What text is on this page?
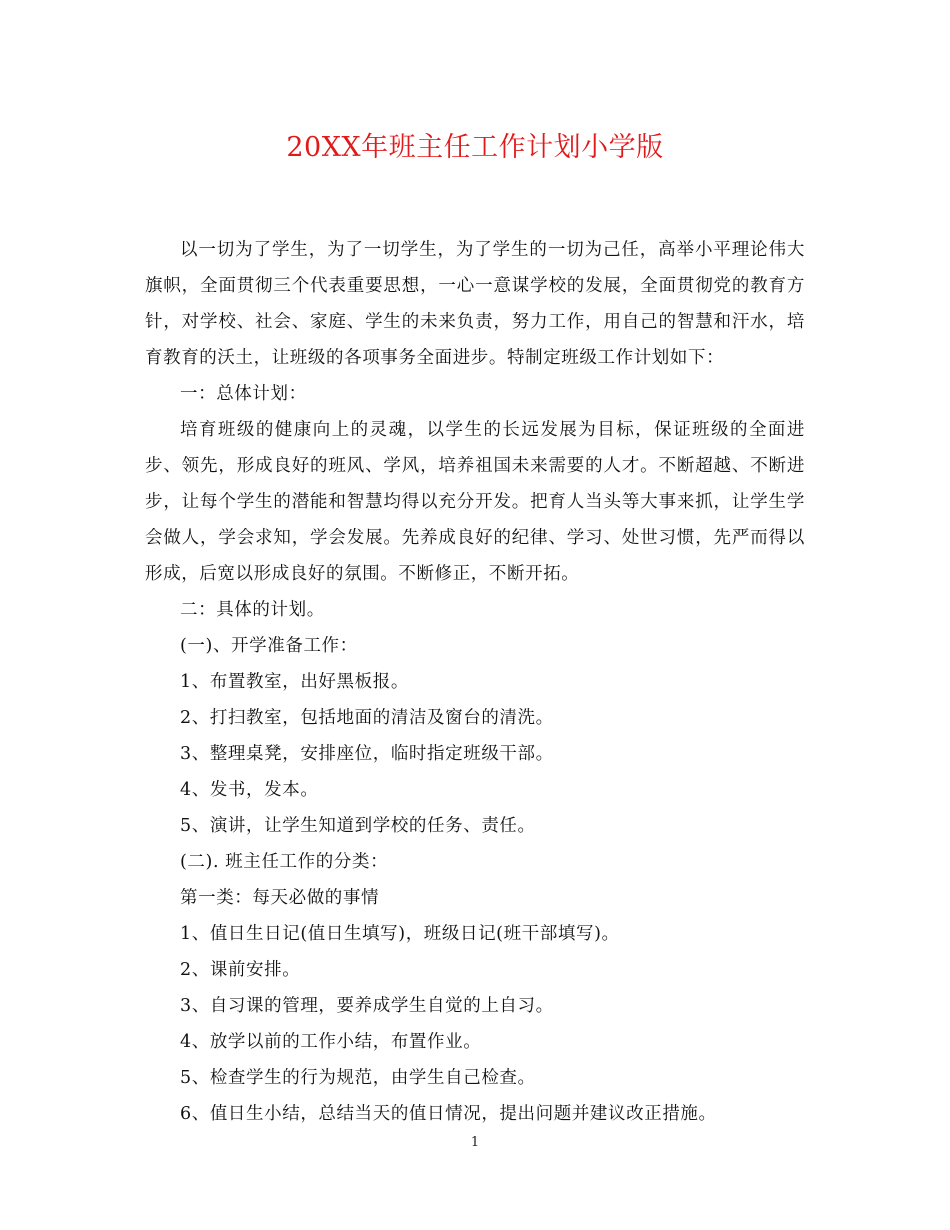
20XX年班主任工作计划小学版

以一切为了学生，为了一切学生，为了学生的一切为己任，高举小平理论伟大旗帜，全面贯彻三个代表重要思想，一心一意谋学校的发展，全面贯彻党的教育方针，对学校、社会、家庭、学生的未来负责，努力工作，用自己的智慧和汗水，培育教育的沃土，让班级的各项事务全面进步。特制定班级工作计划如下：

一：总体计划：

培育班级的健康向上的灵魂，以学生的长远发展为目标，保证班级的全面进步、领先，形成良好的班风、学风，培养祖国未来需要的人才。不断超越、不断进步，让每个学生的潜能和智慧均得以充分开发。把育人当头等大事来抓，让学生学会做人，学会求知，学会发展。先养成良好的纪律、学习、处世习惯，先严而得以形成，后宽以形成良好的氛围。不断修正，不断开拓。

二：具体的计划。

(一)、开学准备工作：

1、布置教室，出好黑板报。

2、打扫教室，包括地面的清洁及窗台的清洗。

3、整理桌凳，安排座位，临时指定班级干部。

4、发书，发本。

5、演讲，让学生知道到学校的任务、责任。

(二). 班主任工作的分类：

第一类：每天必做的事情

1、值日生日记(值日生填写)，班级日记(班干部填写)。

2、课前安排。

3、自习课的管理，要养成学生自觉的上自习。

4、放学以前的工作小结，布置作业。

5、检查学生的行为规范，由学生自己检查。

6、值日生小结，总结当天的值日情况，提出问题并建议改正措施。

1
